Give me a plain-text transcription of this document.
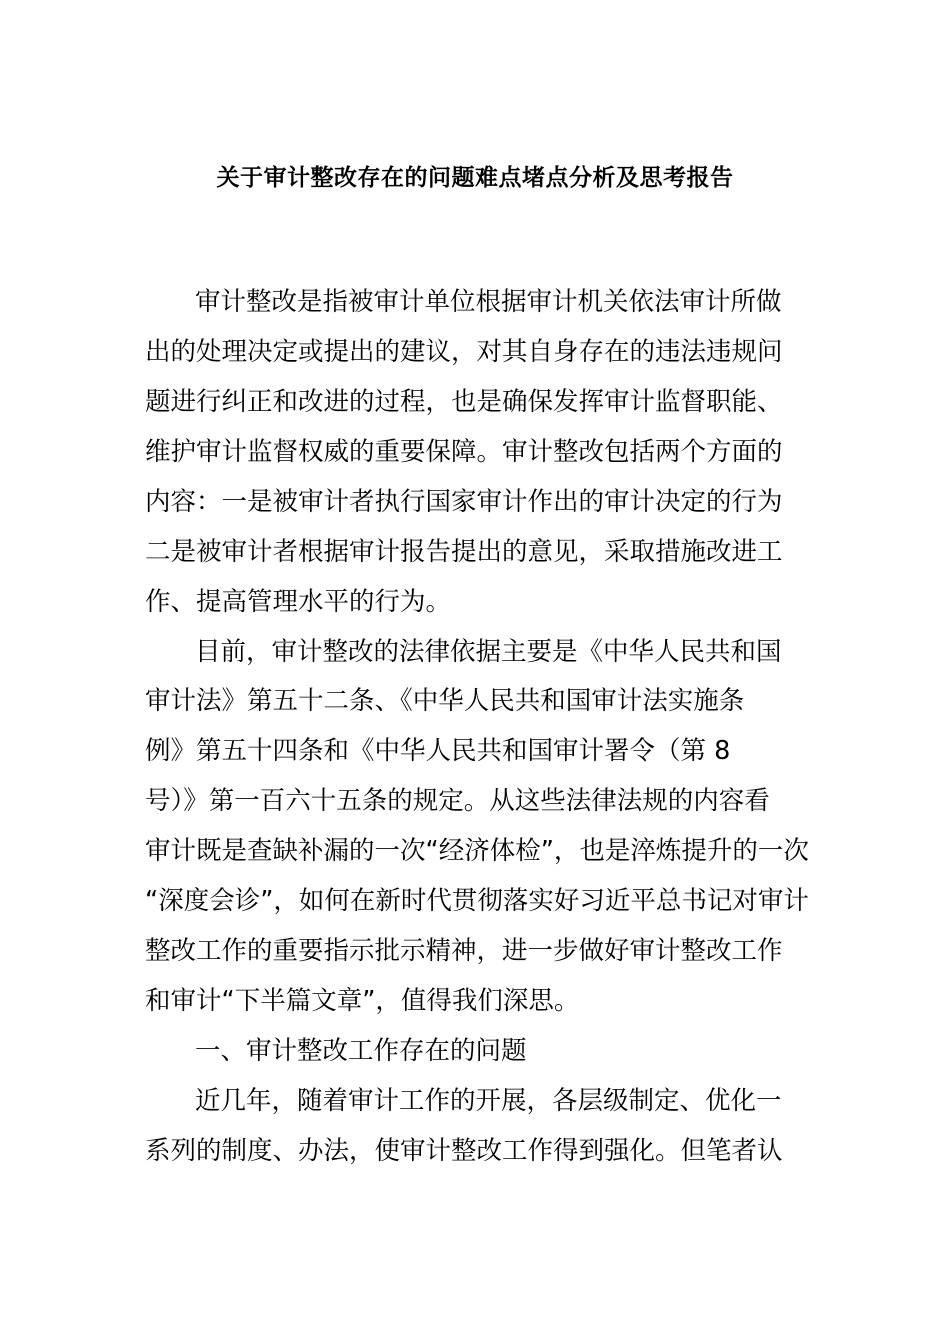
关于审计整改存在的问题难点堵点分析及思考报告
审计整改是指被审计单位根据审计机关依法审计所做
出的处理决定或提出的建议，对其自身存在的违法违规问
题进行纠正和改进的过程，也是确保发挥审计监督职能、
维护审计监督权威的重要保障。审计整改包括两个方面的
内容：一是被审计者执行国家审计作出的审计决定的行为
二是被审计者根据审计报告提出的意见，采取措施改进工
作、提高管理水平的行为。
目前，审计整改的法律依据主要是《中华人民共和国
审计法》第五十二条、《中华人民共和国审计法实施条
例》第五十四条和《中华人民共和国审计署令（第 8
号）》第一百六十五条的规定。从这些法律法规的内容看
审计既是查缺补漏的一次“经济体检”，也是淬炼提升的一次
“深度会诊”，如何在新时代贯彻落实好习近平总书记对审计
整改工作的重要指示批示精神，进一步做好审计整改工作
和审计“下半篇文章”，值得我们深思。
一、审计整改工作存在的问题
近几年，随着审计工作的开展，各层级制定、优化一
系列的制度、办法，使审计整改工作得到强化。但笔者认
